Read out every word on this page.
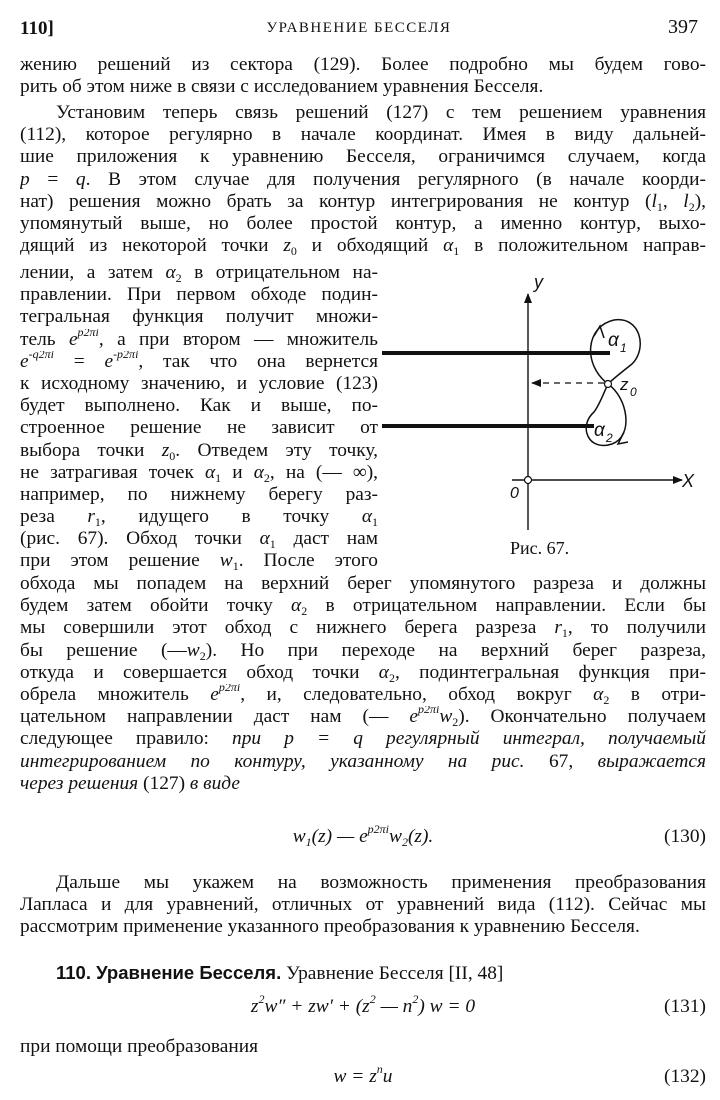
110]	УРАВНЕНИЕ БЕССЕЛЯ	397
жению решений из сектора (129). Более подробно мы будем гово-
рить об этом ниже в связи с исследованием уравнения Бесселя.
Установим теперь связь решений (127) с тем решением уравнения
(112), которое регулярно в начале координат. Имея в виду дальней-
шие приложения к уравнению Бесселя, ограничимся случаем, когда
p = q. В этом случае для получения регулярного (в начале коорди-
нат) решения можно брать за контур интегрирования не контур ($l_1$, $l_2$),
упомянутый выше, но более простой контур, а именно контур, выхо-
дящий из некоторой точки $z_0$ и обходящий $\alpha_1$ в положительном направ-
лении, а затем $\alpha_2$ в отрицательном на-
правлении. При первом обходе подин-
тегральная функция получит множи-
тель $e^{p2\pi i}$, а при втором — множитель
$e^{-q2\pi i} = e^{-p2\pi i}$, так что она вернется
к исходному значению, и условие (123)
будет выполнено. Как и выше, по-
строенное решение не зависит от
выбора точки $z_0$. Отведем эту точку,
не затрагивая точек $\alpha_1$ и $\alpha_2$, на (— ∞),
например, по нижнему берегу раз-
реза $r_1$, идущего в точку $\alpha_1$
(рис. 67). Обход точки $\alpha_1$ даст нам
при этом решение $w_1$. После этого
y
X
0
z 0
α 1
α 2
Рис. 67.
обхода мы попадем на верхний берег упомянутого разреза и должны
будем затем обойти точку $\alpha_2$ в отрицательном направлении. Если бы
мы совершили этот обход с нижнего берега разреза $r_1$, то получили
бы решение $(—w_2)$. Но при переходе на верхний берег разреза,
откуда и совершается обход точки $\alpha_2$, подинтегральная функция при-
обрела множитель $e^{p2\pi i}$, и, следовательно, обход вокруг $\alpha_2$ в отри-
цательном направлении даст нам (— $e^{p2\pi i}w_2$). Окончательно получаем
следующее правило: при p = q регулярный интеграл, получаемый
интегрированием по контуру, указанному на рис. 67, выражается
через решения (127) в виде
$w_1(z)$ — $e^{p2\pi i}w_2(z)$.	(130)
Дальше мы укажем на возможность применения преобразования
Лапласа и для уравнений, отличных от уравнений вида (112). Сейчас мы
рассмотрим применение указанного преобразования к уравнению Бесселя.
110. Уравнение Бесселя. Уравнение Бесселя [II, 48]
$z^2w'' + zw' + (z^2$ — $n^2$) w = 0	(131)
при помощи преобразования
$w = z^nu$	(132)
